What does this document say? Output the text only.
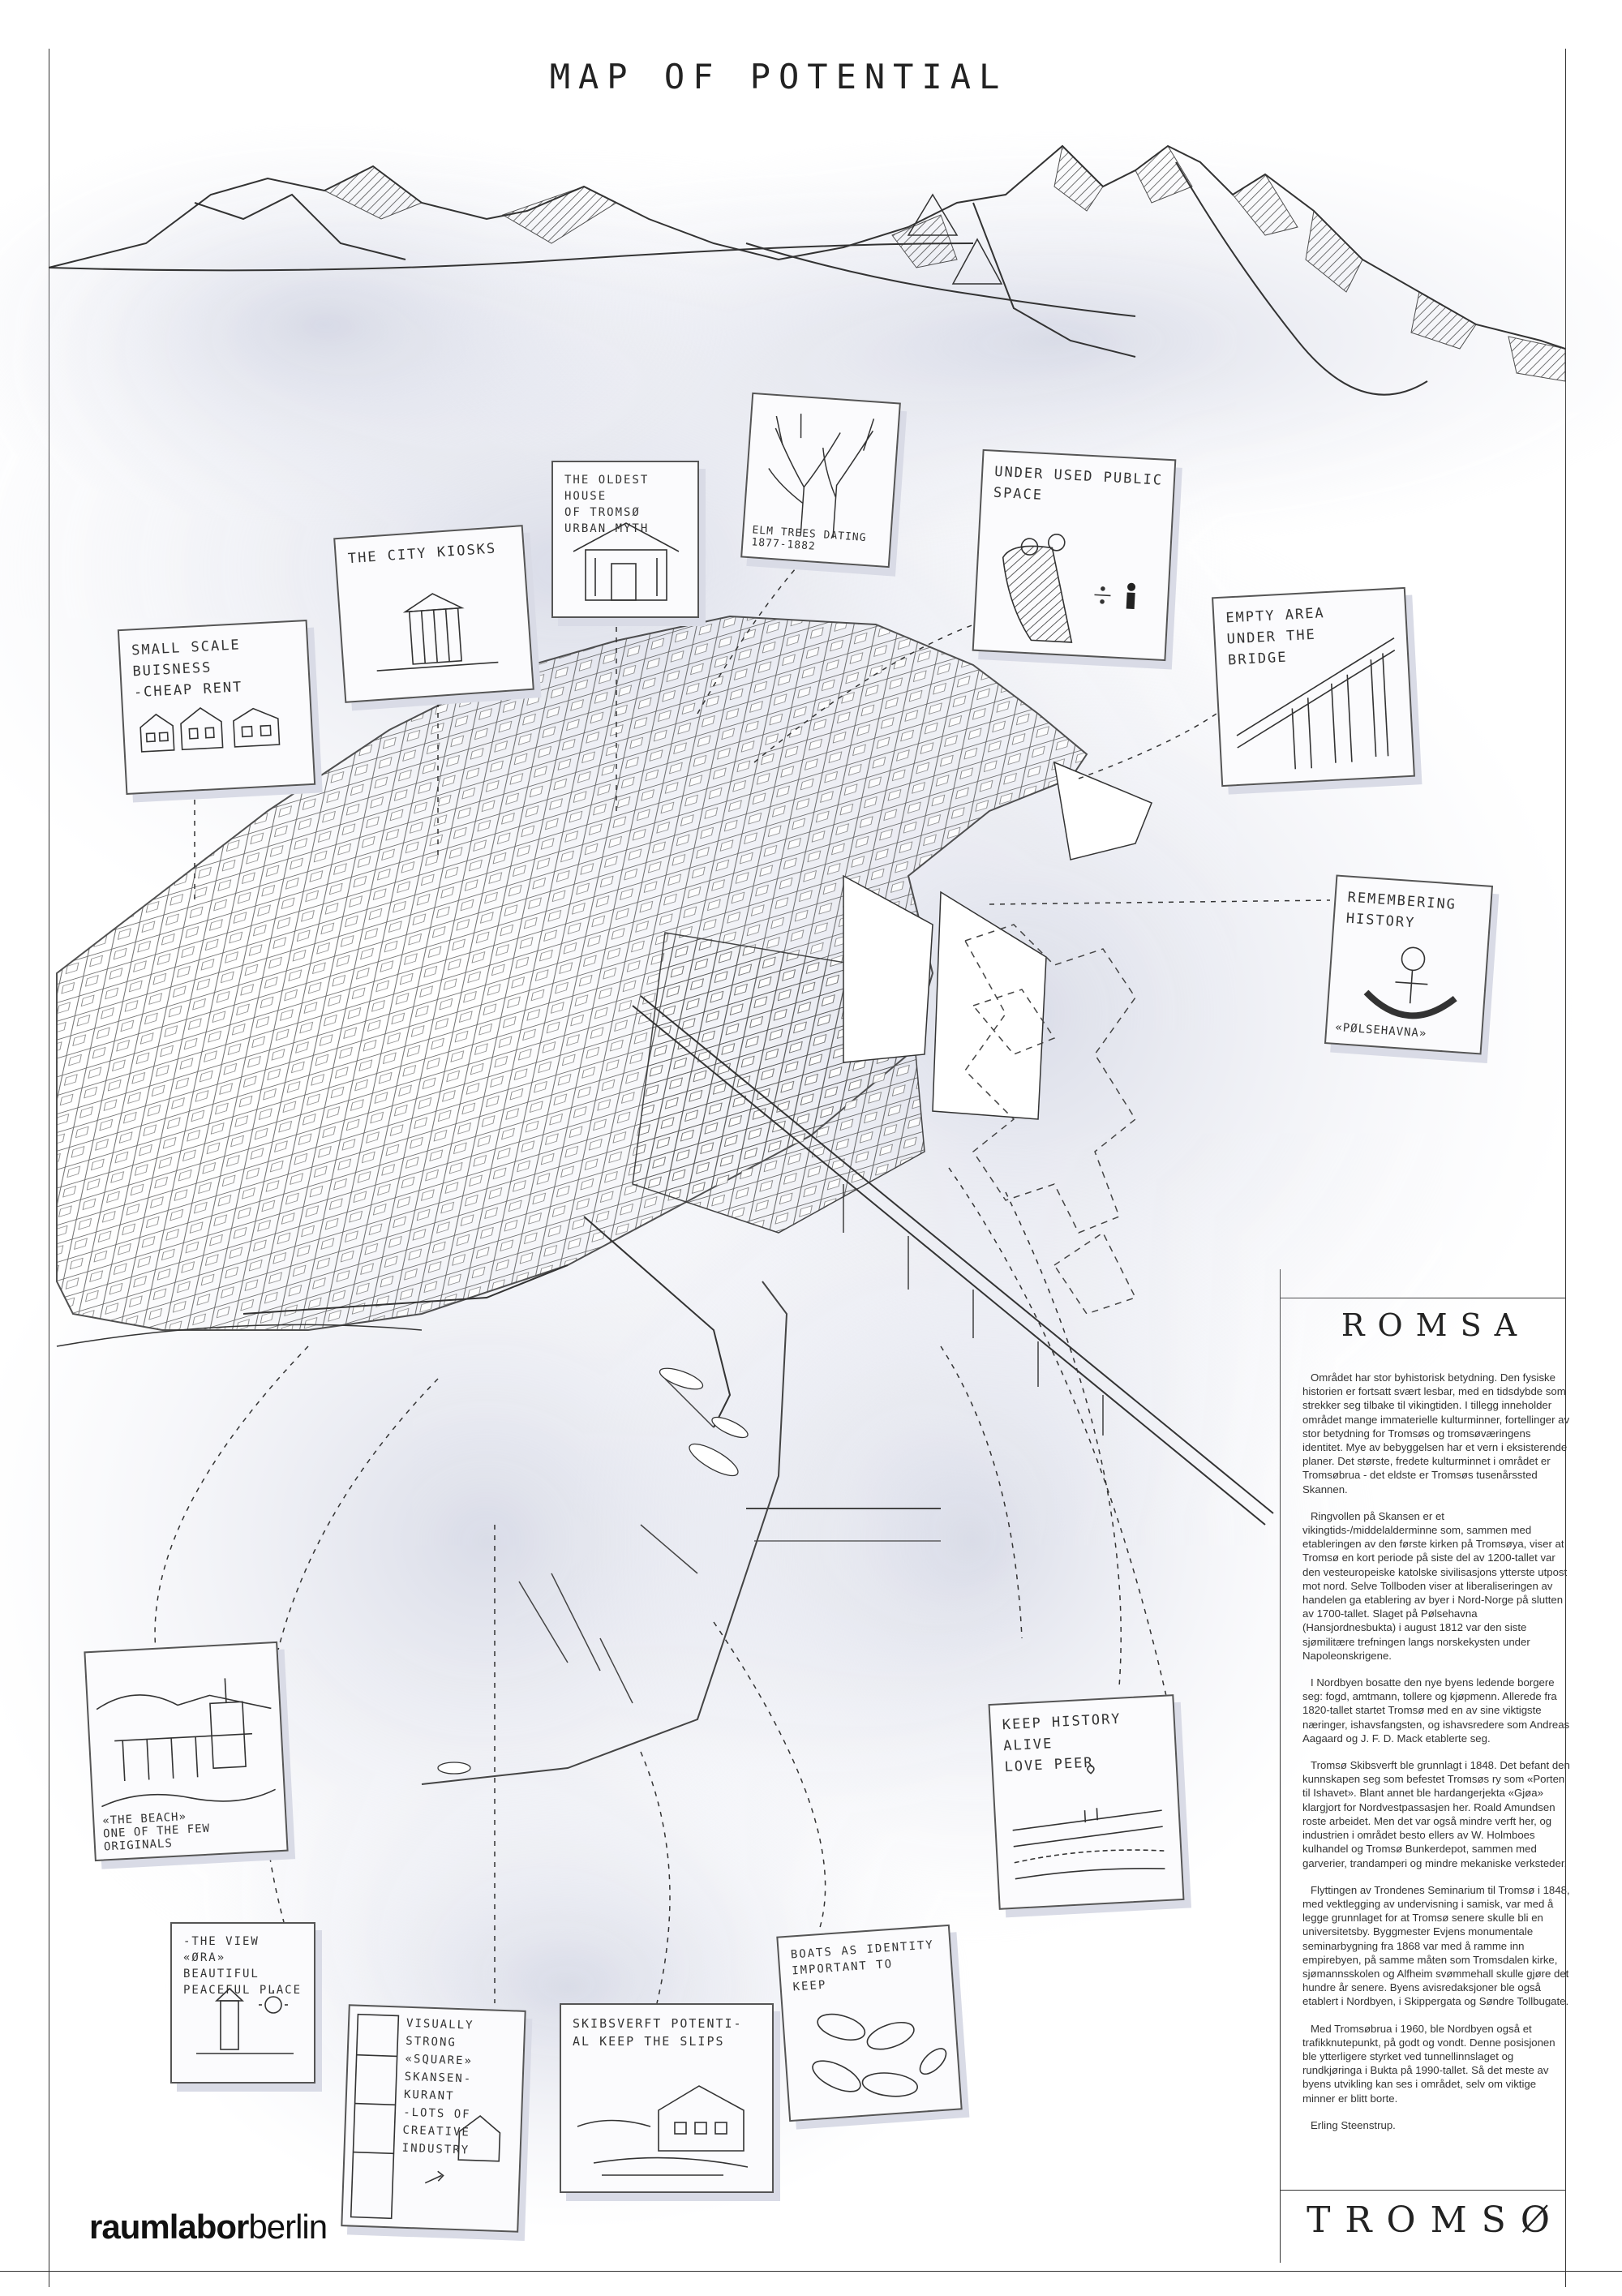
MAP OF POTENTIAL
SMALL SCALE
BUISNESS
-CHEAP RENT
THE CITY KIOSKS
THE OLDEST HOUSE
OF TROMSØ
URBAN MYTH	ELM TREES DATING 1877-1882
UNDER USED PUBLIC
SPACE
EMPTY AREA
UNDER THE
BRIDGE
REMEMBERING
HISTORY
«PØLSEHAVNA»
«THE BEACH»
ONE OF THE FEW ORIGINALS
KEEP HISTORY ALIVE
LOVE PEER
-THE VIEW
«ØRA» BEAUTIFUL
PEACEFUL PLACE
VISUALLY STRONG
«SQUARE»
SKANSEN-KURANT
-LOTS OF CREATIVE
INDUSTRY
SKIBSVERFT POTENTI-
AL KEEP THE SLIPS
BOATS AS IDENTITY
IMPORTANT TO
KEEP
ROMSA

Området har stor byhistorisk betydning. Den fysiske historien er fortsatt svært lesbar, med en tidsdybde som strekker seg tilbake til vikingtiden. I tillegg inneholder området mange immaterielle kulturminner, fortellinger av stor betydning for Tromsøs og tromsøværingens identitet. Mye av bebyggelsen har et vern i eksisterende planer. Det største, fredete kulturminnet i området er Tromsøbrua - det eldste er Tromsøs tusenårssted Skannen.

Ringvollen på Skansen er et vikingtids-/middelalderminne som, sammen med etableringen av den første kirken på Tromsøya, viser at Tromsø en kort periode på siste del av 1200-tallet var den vesteuropeiske katolske sivilisasjons ytterste utpost mot nord. Selve Tollboden viser at liberaliseringen av handelen ga etablering av byer i Nord-Norge på slutten av 1700-tallet. Slaget på Pølsehavna (Hansjordnesbukta) i august 1812 var den siste sjømilitære trefningen langs norskekysten under Napoleonskrigene.

I Nordbyen bosatte den nye byens ledende borgere seg: fogd, amtmann, tollere og kjøpmenn. Allerede fra 1820-tallet startet Tromsø med en av sine viktigste næringer, ishavsfangsten, og ishavsredere som Andreas Aagaard og J. F. D. Mack etablerte seg.

Tromsø Skibsverft ble grunnlagt i 1848. Det befant den kunnskapen seg som befestet Tromsøs ry som «Porten til Ishavet». Blant annet ble hardangerjekta «Gjøa» klargjort for Nordvestpassasjen her. Roald Amundsen roste arbeidet. Men det var også mindre verft her, og industrien i området besto ellers av W. Holmboes kulhandel og Tromsø Bunkerdepot, sammen med garverier, trandamperi og mindre mekaniske verksteder.

Flyttingen av Trondenes Seminarium til Tromsø i 1848, med vektlegging av undervisning i samisk, var med å legge grunnlaget for at Tromsø senere skulle bli en universitetsby. Byggmester Evjens monumentale seminarbygning fra 1868 var med å ramme inn empirebyen, på samme måten som Tromsdalen kirke, sjømannsskolen og Alfheim svømmehall skulle gjøre det hundre år senere. Byens avisredaksjoner ble også etablert i Nordbyen, i Skippergata og Søndre Tollbugate.

Med Tromsøbrua i 1960, ble Nordbyen også et trafikknutepunkt, på godt og vondt. Denne posisjonen ble ytterligere styrket ved tunnellinnslaget og rundkjøringa i Bukta på 1990-tallet. Så det meste av byens utvikling kan ses i området, selv om viktige minner er blitt borte.

Erling Steenstrup.

TROMSØ
raumlaborberlin
